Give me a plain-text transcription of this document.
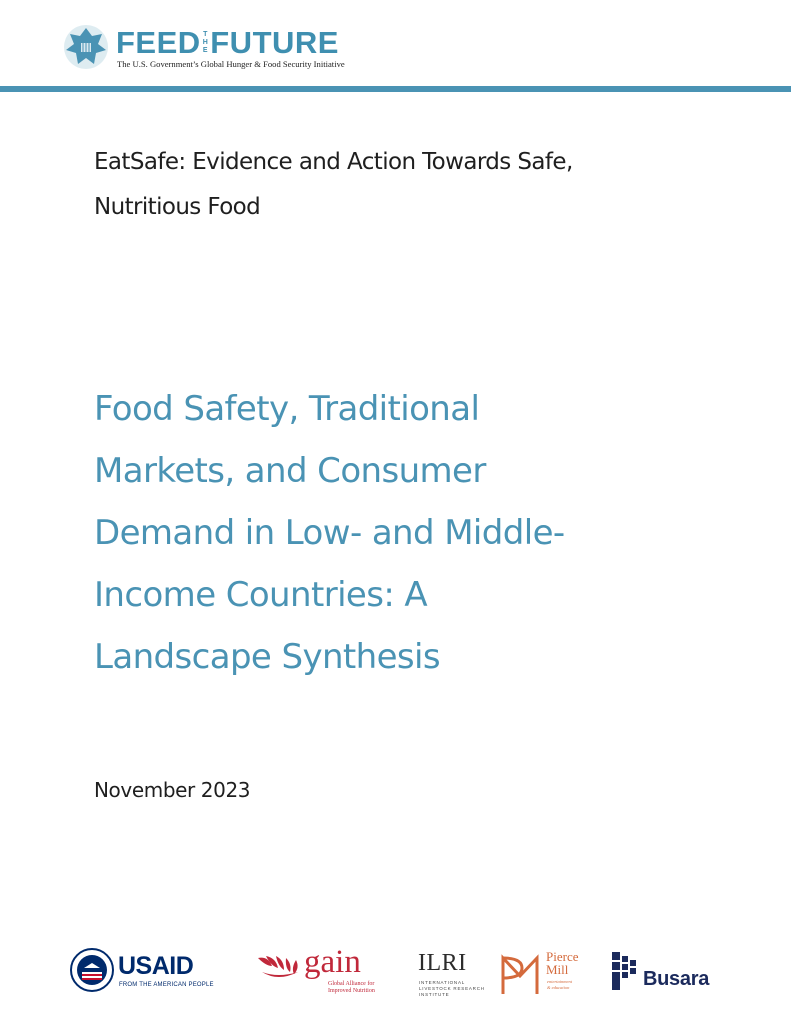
FEED T
H
E FUTURE
The U.S. Government’s Global Hunger & Food Security Initiative
EatSafe: Evidence and Action Towards Safe,
Nutritious Food
Food Safety, Traditional
Markets, and Consumer
Demand in Low- and Middle-
Income Countries: A
Landscape Synthesis
November 2023
USAID
FROM THE AMERICAN PEOPLE
gain
Global Alliance for
Improved Nutrition
ILRI
INTERNATIONAL
LIVESTOCK RESEARCH
INSTITUTE
Pierce
Mill
entertainment
& education	Busara
